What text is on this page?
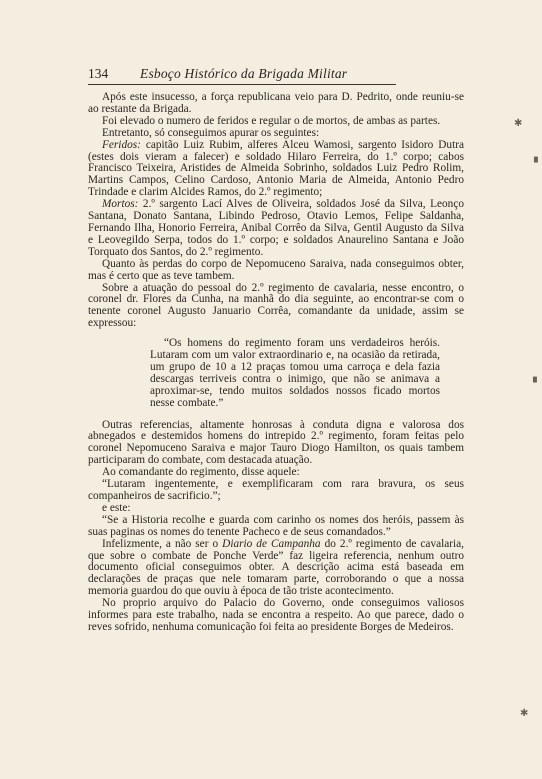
134 Esboço Histórico da Brigada Militar

Após este insucesso, a força republicana veio para D. Pedrito, onde reuniu-se ao restante da Brigada.

Foi elevado o numero de feridos e regular o de mortos, de ambas as partes.

Entretanto, só conseguimos apurar os seguintes:

Feridos: capitão Luiz Rubim, alferes Alceu Wamosi, sargento Isidoro Dutra (estes dois vieram a falecer) e soldado Hilaro Ferreira, do 1.º corpo; cabos Francisco Teixeira, Aristides de Almeida Sobrinho, soldados Luiz Pedro Rolim, Martins Campos, Celino Cardoso, Antonio Maria de Almeida, Antonio Pedro Trindade e clarim Alcides Ramos, do 2.º regimento;

Mortos: 2.º sargento Lací Alves de Oliveira, soldados José da Silva, Leonço Santana, Donato Santana, Libindo Pedroso, Otavio Lemos, Felipe Saldanha, Fernando Ilha, Honorio Ferreira, Anibal Corrêo da Silva, Gentil Augusto da Silva e Leovegildo Serpa, todos do 1.º corpo; e soldados Anaurelino Santana e João Torquato dos Santos, do 2.º regimento.

Quanto às perdas do corpo de Nepomuceno Saraiva, nada conseguimos obter, mas é certo que as teve tambem.

Sobre a atuação do pessoal do 2.º regimento de cavalaria, nesse encontro, o coronel dr. Flores da Cunha, na manhã do dia seguinte, ao encontrar-se com o tenente coronel Augusto Januario Corrêa, comandante da unidade, assim se expressou:

“Os homens do regimento foram uns verdadeiros heróis. Lutaram com um valor extraordinario e, na ocasião da retirada, um grupo de 10 a 12 praças tomou uma carroça e dela fazia descargas terriveis contra o inimigo, que não se animava a aproximar-se, tendo muitos soldados nossos ficado mortos nesse combate.”

Outras referencias, altamente honrosas à conduta digna e valorosa dos abnegados e destemidos homens do intrepido 2.º regimento, foram feitas pelo coronel Nepomuceno Saraiva e major Tauro Diogo Hamilton, os quais tambem participaram do combate, com destacada atuação.

Ao comandante do regimento, disse aquele:

“Lutaram ingentemente, e exemplificaram com rara bravura, os seus companheiros de sacrificio.”;

e este:

“Se a Historia recolhe e guarda com carinho os nomes dos heróis, passem às suas paginas os nomes do tenente Pacheco e de seus comandados.”

Infelizmente, a não ser o Diario de Campanha do 2.º regimento de cavalaria, que sobre o combate de Ponche Verde” faz ligeira referencia, nenhum outro documento oficial conseguimos obter. A descrição acima está baseada em declarações de praças que nele tomaram parte, corroborando o que a nossa memoria guardou do que ouviu à época de tão triste acontecimento.

No proprio arquivo do Palacio do Governo, onde conseguimos valiosos informes para este trabalho, nada se encontra a respeito. Ao que parece, dado o reves sofrido, nenhuma comunicação foi feita ao presidente Borges de Medeiros.

✱
▘
▘
✱
